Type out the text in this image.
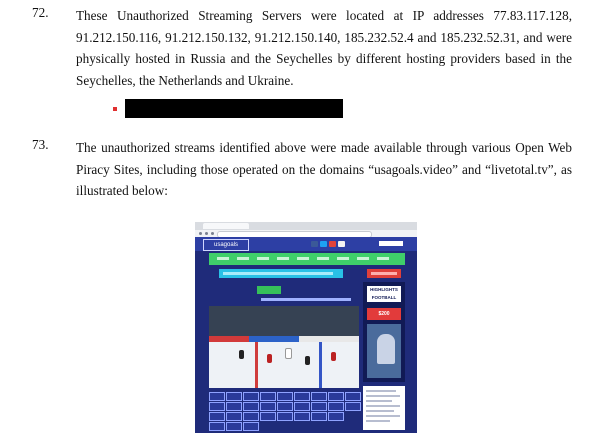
72. These Unauthorized Streaming Servers were located at IP addresses 77.83.117.128, 91.212.150.116, 91.212.150.132, 91.212.150.140, 185.232.52.4 and 185.232.52.31, and were physically hosted in Russia and the Seychelles by different hosting providers based in the Seychelles, the Netherlands and Ukraine.
73. The unauthorized streams identified above were made available through various Open Web Piracy Sites, including those operated on the domains “usagoals.video” and “livetotal.tv”, as illustrated below:
usagoals
HIGHLIGHTS FOOTBALL
$200
